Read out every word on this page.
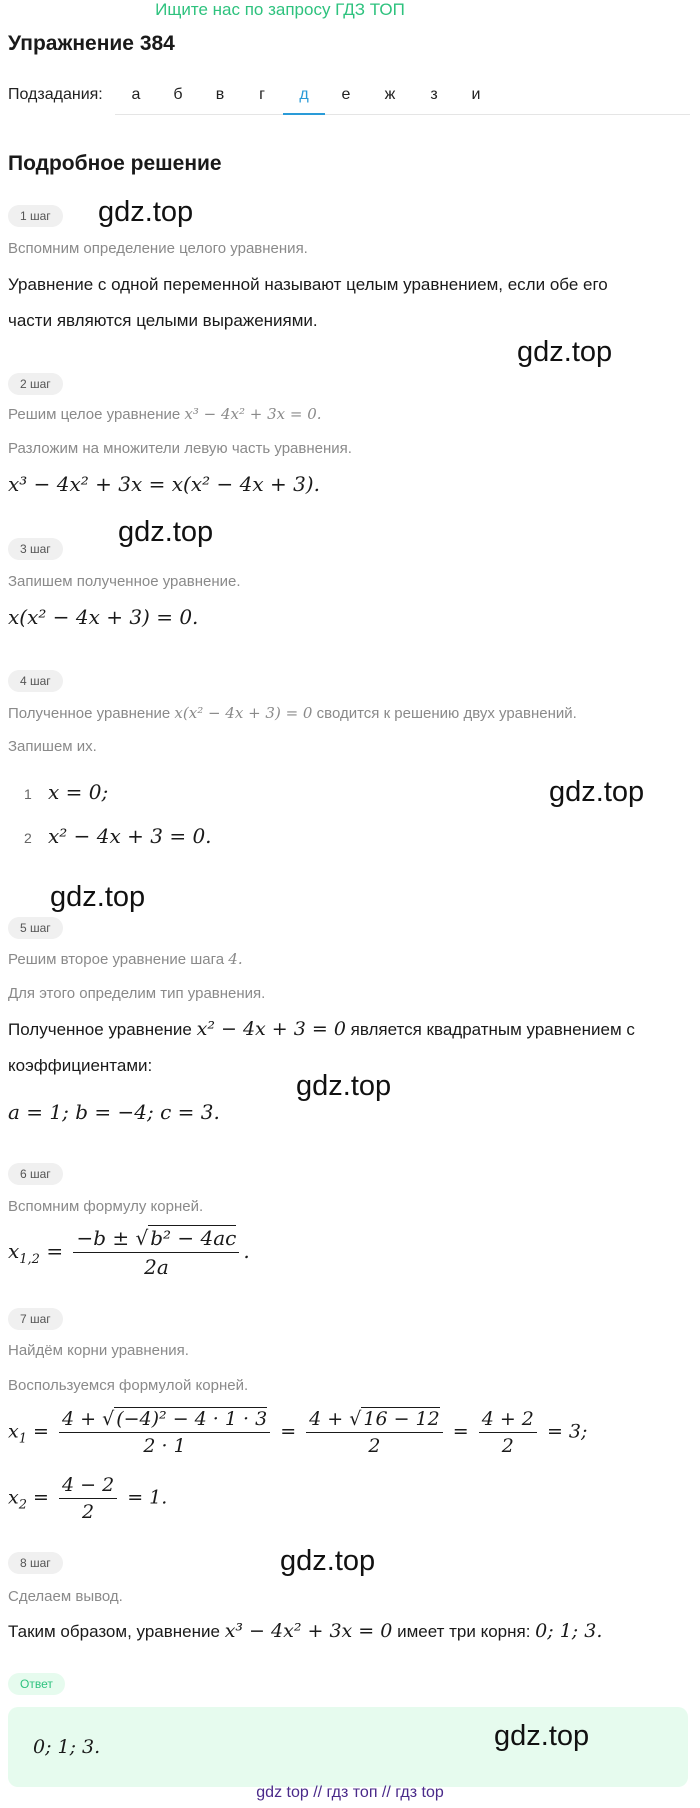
Ищите нас по запросу ГДЗ ТОП
Упражнение 384
Подзадания:	а	б	в	г	д	е	ж	з	и
Подробное решение
1 шаг	gdz.top
Вспомним определение целого уравнения.
Уравнение с одной переменной называют целым уравнением, если обе его
части являются целыми выражениями.
gdz.top
2 шаг
Решим целое уравнение x³ − 4x² + 3x = 0.
Разложим на множители левую часть уравнения.
x³ − 4x² + 3x = x(x² − 4x + 3).
gdz.top
3 шаг
Запишем полученное уравнение.
x(x² − 4x + 3) = 0.
4 шаг
Полученное уравнение x(x² − 4x + 3) = 0 сводится к решению двух уравнений.
Запишем их.
1 x = 0;	gdz.top
2 x² − 4x + 3 = 0.
gdz.top
5 шаг
Решим второе уравнение шага 4.
Для этого определим тип уравнения.
Полученное уравнение x² − 4x + 3 = 0 является квадратным уравнением с
коэффициентами:
gdz.top
a = 1; b = −4; c = 3.
6 шаг
Вспомним формулу корней.
$x_{1,2} = \frac{\text{−b ± √ b² − 4ac}}{2a}$ .
7 шаг
Найдём корни уравнения.
Воспользуемся формулой корней.
$x_1 = \frac{\text{4 + √ (−4)² − 4 · 1 · 3}}{2 \cdot 1} = \frac{4 + √ 16 - 12}{2} = \frac{4 + 2}{2} = 3$;
$x_2 = \frac{4 - 2}{2} = 1$.
8 шаг	gdz.top
Сделаем вывод.
Таким образом, уравнение x³ − 4x² + 3x = 0 имеет три корня: 0; 1; 3.
Ответ
0; 1; 3.	gdz.top
gdz top // гдз топ // гдз top
